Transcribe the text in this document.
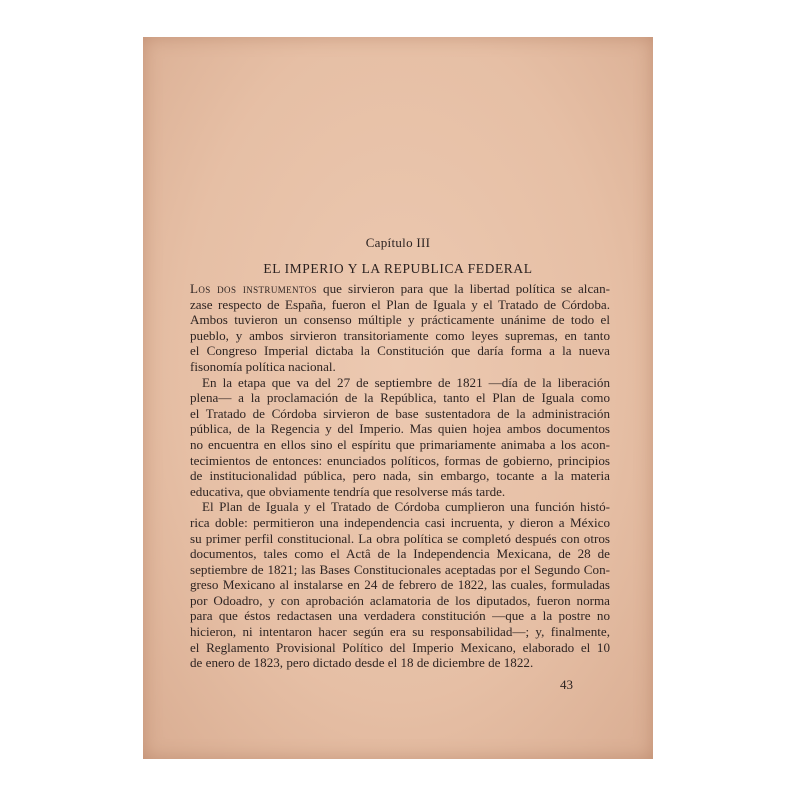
Capítulo III
EL IMPERIO Y LA REPUBLICA FEDERAL
Los dos instrumentos que sirvieron para que la libertad política se alcan-
zase respecto de España, fueron el Plan de Iguala y el Tratado de Córdoba.
Ambos tuvieron un consenso múltiple y prácticamente unánime de todo el
pueblo, y ambos sirvieron transitoriamente como leyes supremas, en tanto
el Congreso Imperial dictaba la Constitución que daría forma a la nueva
fisonomía política nacional.
En la etapa que va del 27 de septiembre de 1821 —día de la liberación
plena— a la proclamación de la República, tanto el Plan de Iguala como
el Tratado de Córdoba sirvieron de base sustentadora de la administración
pública, de la Regencia y del Imperio. Mas quien hojea ambos documentos
no encuentra en ellos sino el espíritu que primariamente animaba a los acon-
tecimientos de entonces: enunciados políticos, formas de gobierno, principios
de institucionalidad pública, pero nada, sin embargo, tocante a la materia
educativa, que obviamente tendría que resolverse más tarde.
El Plan de Iguala y el Tratado de Córdoba cumplieron una función histó-
rica doble: permitieron una independencia casi incruenta, y dieron a México
su primer perfil constitucional. La obra política se completó después con otros
documentos, tales como el Actâ de la Independencia Mexicana, de 28 de
septiembre de 1821; las Bases Constitucionales aceptadas por el Segundo Con-
greso Mexicano al instalarse en 24 de febrero de 1822, las cuales, formuladas
por Odoadro, y con aprobación aclamatoria de los diputados, fueron norma
para que éstos redactasen una verdadera constitución —que a la postre no
hicieron, ni intentaron hacer según era su responsabilidad—; y, finalmente,
el Reglamento Provisional Político del Imperio Mexicano, elaborado el 10
de enero de 1823, pero dictado desde el 18 de diciembre de 1822.
43
